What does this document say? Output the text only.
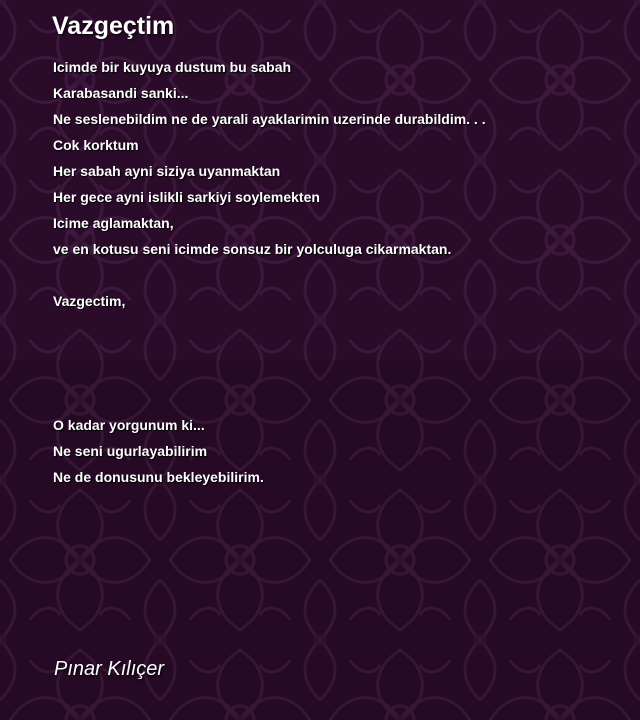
Vazgeçtim
Icimde bir kuyuya dustum bu sabah
Karabasandi sanki...
Ne seslenebildim ne de yarali ayaklarimin uzerinde durabildim. . .
Cok korktum
Her sabah ayni siziya uyanmaktan
Her gece ayni islikli sarkiyi soylemekten
Icime aglamaktan,
ve en kotusu seni icimde sonsuz bir yolculuga cikarmaktan.
Vazgectim,
O kadar yorgunum ki...
Ne seni ugurlayabilirim
Ne de donusunu bekleyebilirim.
Pınar Kılıçer
